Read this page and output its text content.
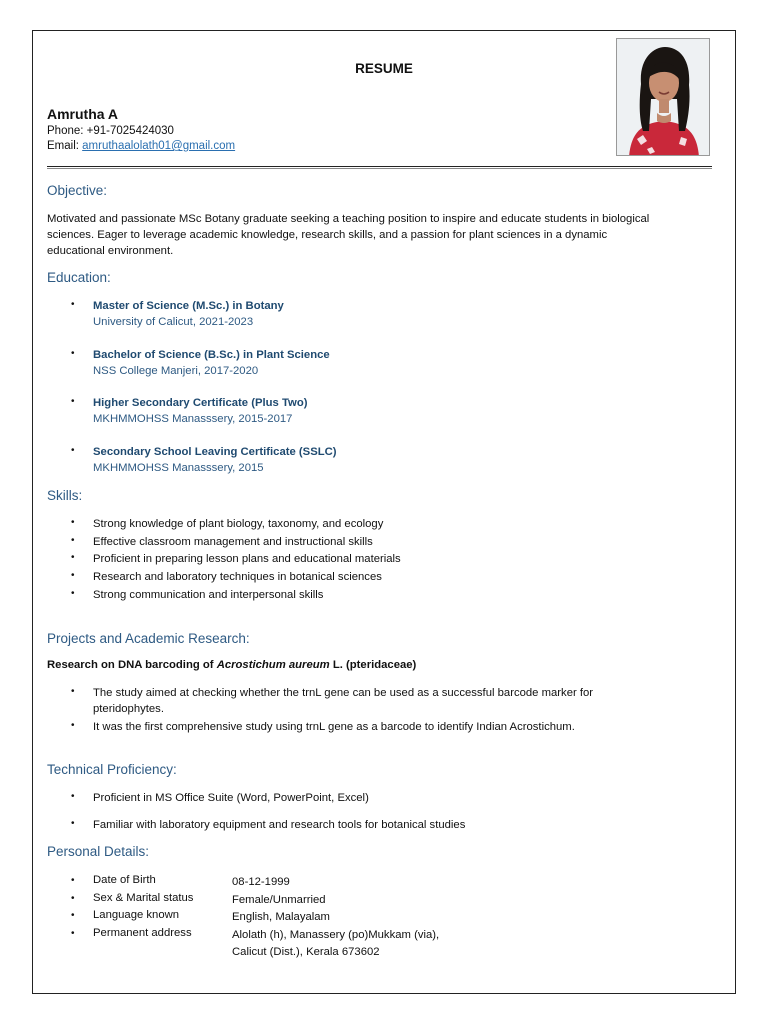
RESUME
Amrutha A
Phone: +91-7025424030
Email: amruthaalolath01@gmail.com
Objective:
Motivated and passionate MSc Botany graduate seeking a teaching position to inspire and educate students in biological
sciences. Eager to leverage academic knowledge, research skills, and a passion for plant sciences in a dynamic
educational environment.
Education:
•	Master of Science (M.Sc.) in Botany
University of Calicut, 2021-2023
•	Bachelor of Science (B.Sc.) in Plant Science
NSS College Manjeri, 2017-2020
•	Higher Secondary Certificate (Plus Two)
MKHMMOHSS Manasssery, 2015-2017
•	Secondary School Leaving Certificate (SSLC)
MKHMMOHSS Manasssery, 2015
Skills:
•	Strong knowledge of plant biology, taxonomy, and ecology
•	Effective classroom management and instructional skills
•	Proficient in preparing lesson plans and educational materials
•	Research and laboratory techniques in botanical sciences
•	Strong communication and interpersonal skills
Projects and Academic Research:
Research on DNA barcoding of Acrostichum aureum L. (pteridaceae)
•	The study aimed at checking whether the trnL gene can be used as a successful barcode marker for
pteridophytes.
•	It was the first comprehensive study using trnL gene as a barcode to identify Indian Acrostichum.
Technical Proficiency:
•	Proficient in MS Office Suite (Word, PowerPoint, Excel)
•	Familiar with laboratory equipment and research tools for botanical studies
Personal Details:
•	Date of Birth	08-12-1999
•	Sex & Marital status	Female/Unmarried
•	Language known	English, Malayalam
•	Permanent address	Alolath (h), Manassery (po)Mukkam (via),
Calicut (Dist.), Kerala 673602
